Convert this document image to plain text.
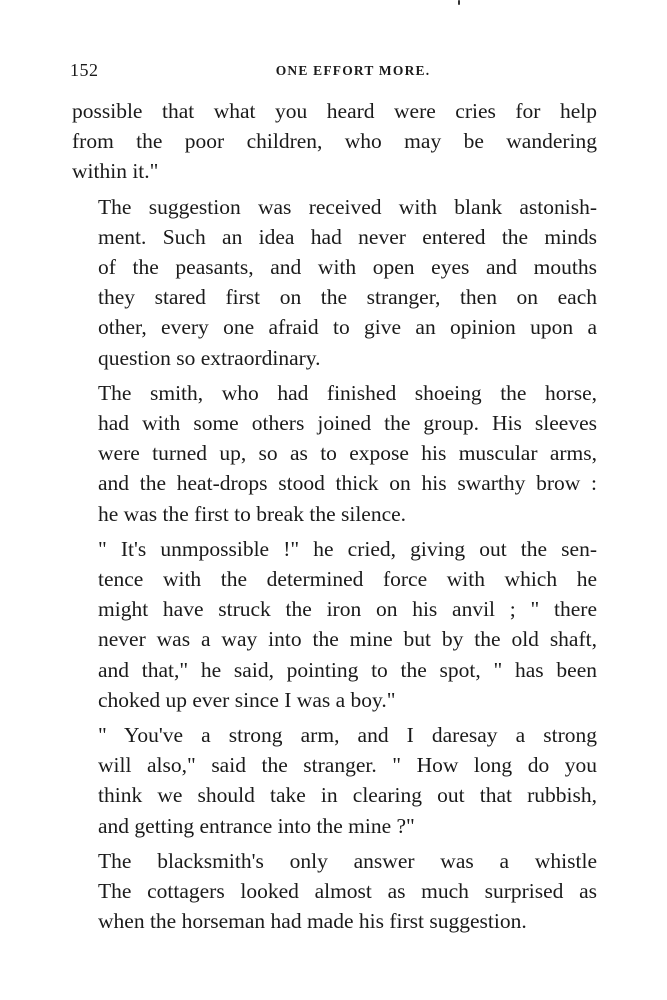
152	ONE EFFORT MORE.

possible that what you heard were cries for help
from the poor children, who may be wandering
within it."

The suggestion was received with blank astonish-
ment. Such an idea had never entered the minds
of the peasants, and with open eyes and mouths
they stared first on the stranger, then on each
other, every one afraid to give an opinion upon a
question so extraordinary.

The smith, who had finished shoeing the horse,
had with some others joined the group. His sleeves
were turned up, so as to expose his muscular arms,
and the heat-drops stood thick on his swarthy brow :
he was the first to break the silence.

" It's unmpossible !" he cried, giving out the sen-
tence with the determined force with which he
might have struck the iron on his anvil ; " there
never was a way into the mine but by the old shaft,
and that," he said, pointing to the spot, " has been
choked up ever since I was a boy."

" You've a strong arm, and I daresay a strong
will also," said the stranger. " How long do you
think we should take in clearing out that rubbish,
and getting entrance into the mine ?"

The blacksmith's only answer was a whistle
The cottagers looked almost as much surprised as
when the horseman had made his first suggestion.
